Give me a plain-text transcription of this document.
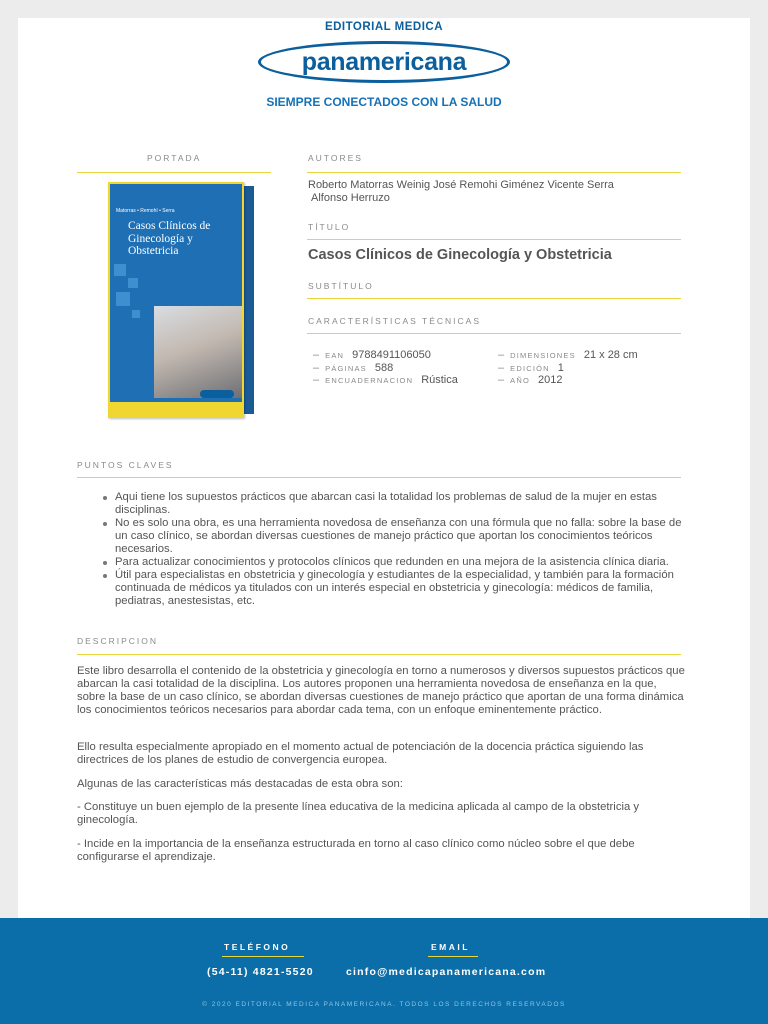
EDITORIAL MEDICA
panamericana
SIEMPRE CONECTADOS CON LA SALUD
PORTADA
Matorras • Remohí • Serra
Casos Clínicos de Ginecología y Obstetricia
AUTORES
Roberto Matorras Weinig José Remohi Giménez Vicente Serra
Alfonso Herruzo
TÍTULO
Casos Clínicos de Ginecología y Obstetricia
SUBTÍTULO
CARACTERÍSTICAS TÉCNICAS
– EAN 9788491106050
– PÁGINAS 588
– ENCUADERNACION Rústica
– DIMENSIONES 21 x 28 cm
– EDICIÓN 1
– AÑO 2012
PUNTOS CLAVES
Aqui tiene los supuestos prácticos que abarcan casi la totalidad los problemas de salud de la mujer en estas disciplinas.
No es solo una obra, es una herramienta novedosa de enseñanza con una fórmula que no falla: sobre la base de un caso clínico, se abordan diversas cuestiones de manejo práctico que aportan los conocimientos teóricos necesarios.
Para actualizar conocimientos y protocolos clínicos que redunden en una mejora de la asistencia clínica diaria.
Útil para especialistas en obstetricia y ginecología y estudiantes de la especialidad, y también para la formación continuada de médicos ya titulados con un interés especial en obstetricia y ginecología: médicos de familia, pediatras, anestesistas, etc.
DESCRIPCION
Este libro desarrolla el contenido de la obstetricia y ginecología en torno a numerosos y diversos supuestos prácticos que abarcan la casi totalidad de la disciplina. Los autores proponen una herramienta novedosa de enseñanza en la que, sobre la base de un caso clínico, se abordan diversas cuestiones de manejo práctico que aportan de una forma dinámica los conocimientos teóricos necesarios para abordar cada tema, con un enfoque eminentemente práctico.
Ello resulta especialmente apropiado en el momento actual de potenciación de la docencia práctica siguiendo las directrices de los planes de estudio de convergencia europea.
Algunas de las características más destacadas de esta obra son:
- Constituye un buen ejemplo de la presente línea educativa de la medicina aplicada al campo de la obstetricia y ginecología.
- Incide en la importancia de la enseñanza estructurada en torno al caso clínico como núcleo sobre el que debe configurarse el aprendizaje.
TELÉFONO
(54-11) 4821-5520
EMAIL
cinfo@medicapanamericana.com
© 2020 EDITORIAL MEDICA PANAMERICANA. TODOS LOS DERECHOS RESERVADOS
